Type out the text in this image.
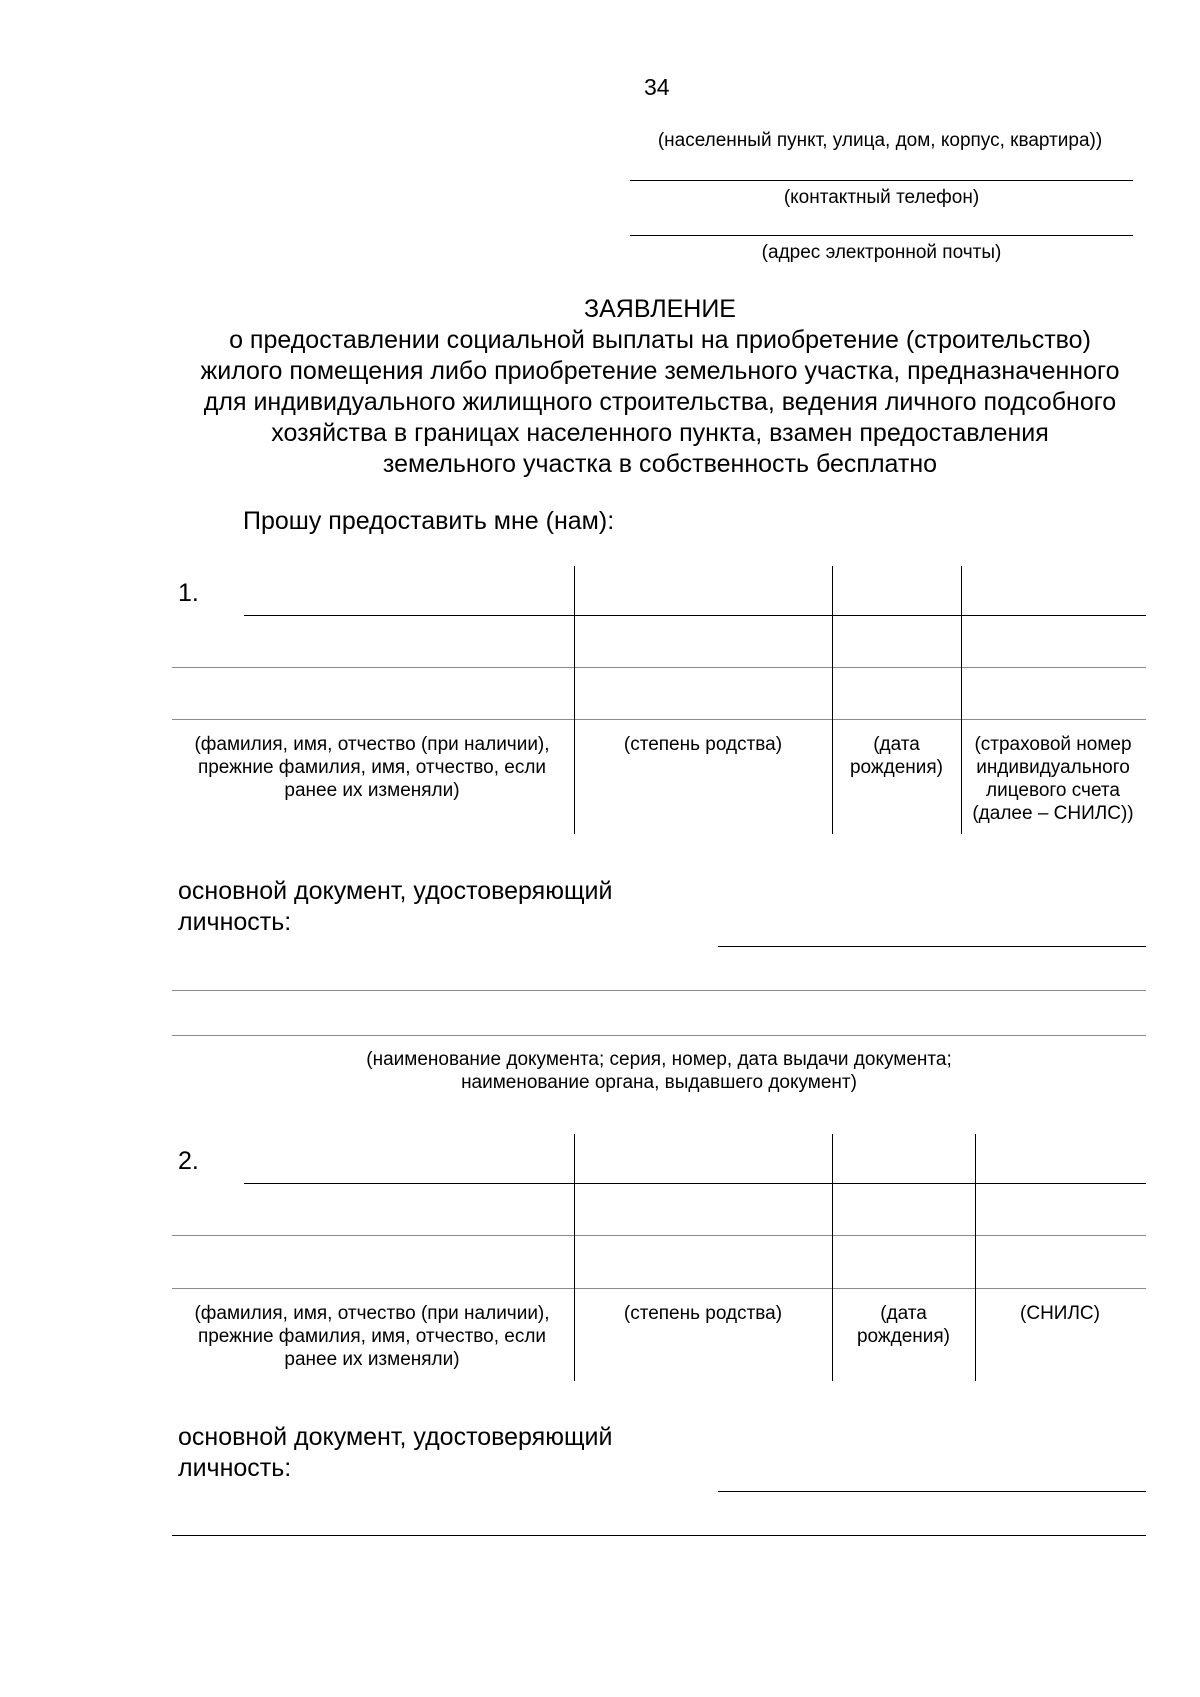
34
(населенный пункт, улица, дом, корпус, квартира))
(контактный телефон)
(адрес электронной почты)
ЗАЯВЛЕНИЕ
о предоставлении социальной выплаты на приобретение (строительство)
жилого помещения либо приобретение земельного участка, предназначенного
для индивидуального жилищного строительства, ведения личного подсобного
хозяйства в границах населенного пункта, взамен предоставления
земельного участка в собственность бесплатно
Прошу предоставить мне (нам):
1.
(фамилия, имя, отчество (при наличии),
прежние фамилия, имя, отчество, если
ранее их изменяли)
(степень родства)	(дата
рождения)
(страховой номер
индивидуального
лицевого счета
(далее – СНИЛС))
основной документ, удостоверяющий
личность:
(наименование документа; серия, номер, дата выдачи документа;
наименование органа, выдавшего документ)
2.
(фамилия, имя, отчество (при наличии),
прежние фамилия, имя, отчество, если
ранее их изменяли)
(степень родства)	(дата
рождения)
(СНИЛС)
основной документ, удостоверяющий
личность:
